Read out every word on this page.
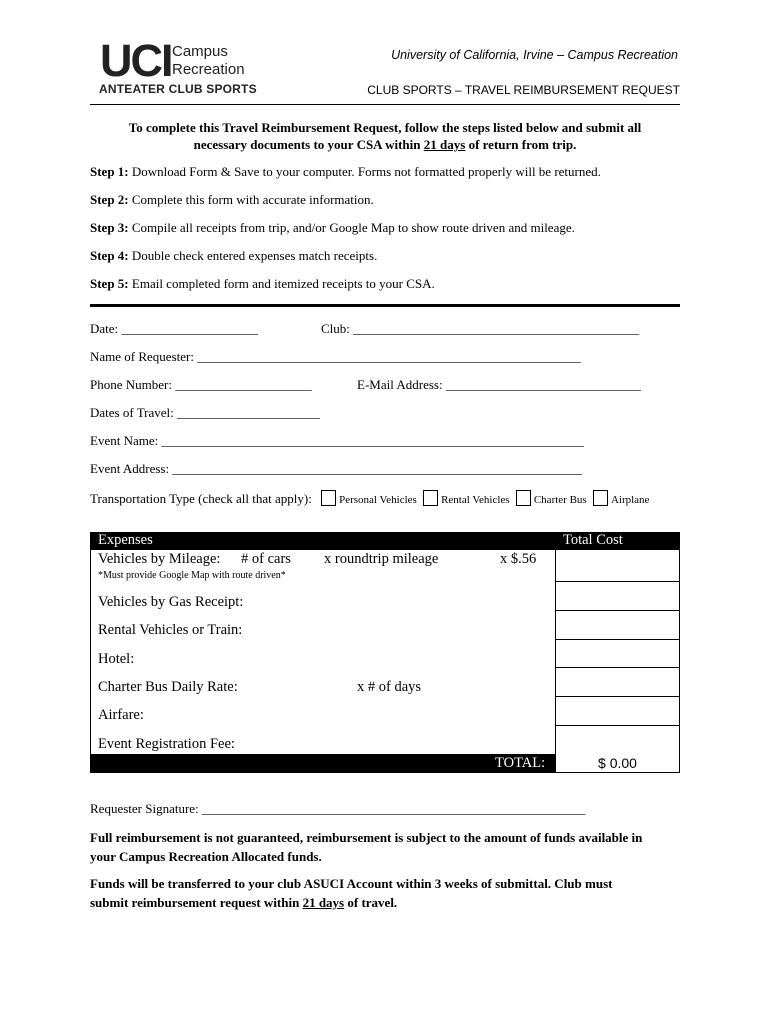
UCI Campus
Recreation
ANTEATER CLUB SPORTS
University of California, Irvine – Campus Recreation
CLUB SPORTS – TRAVEL REIMBURSEMENT REQUEST
To complete this Travel Reimbursement Request, follow the steps listed below and submit all
necessary documents to your CSA within 21 days of return from trip.
Step 1: Download Form & Save to your computer. Forms not formatted properly will be returned.
Step 2: Complete this form with accurate information.
Step 3: Compile all receipts from trip, and/or Google Map to show route driven and mileage.
Step 4: Double check entered expenses match receipts.
Step 5: Email completed form and itemized receipts to your CSA.
Date: _____________________	Club: ____________________________________________
Name of Requester: ___________________________________________________________
Phone Number: _____________________	E-Mail Address: ______________________________
Dates of Travel: ______________________
Event Name: _________________________________________________________________
Event Address: _______________________________________________________________
Transportation Type (check all that apply): Personal Vehicles Rental Vehicles Charter Bus Airplane
Expenses	Total Cost
Vehicles by Mileage: # of cars x roundtrip mileage	x $.56
*Must provide Google Map with route driven*
Vehicles by Gas Receipt:
Rental Vehicles or Train:
Hotel:
Charter Bus Daily Rate:	x # of days
Airfare:
Event Registration Fee:
TOTAL:	$ 0.00
Requester Signature: ___________________________________________________________
Full reimbursement is not guaranteed, reimbursement is subject to the amount of funds available in
your Campus Recreation Allocated funds.
Funds will be transferred to your club ASUCI Account within 3 weeks of submittal. Club must
submit reimbursement request within 21 days of travel.
